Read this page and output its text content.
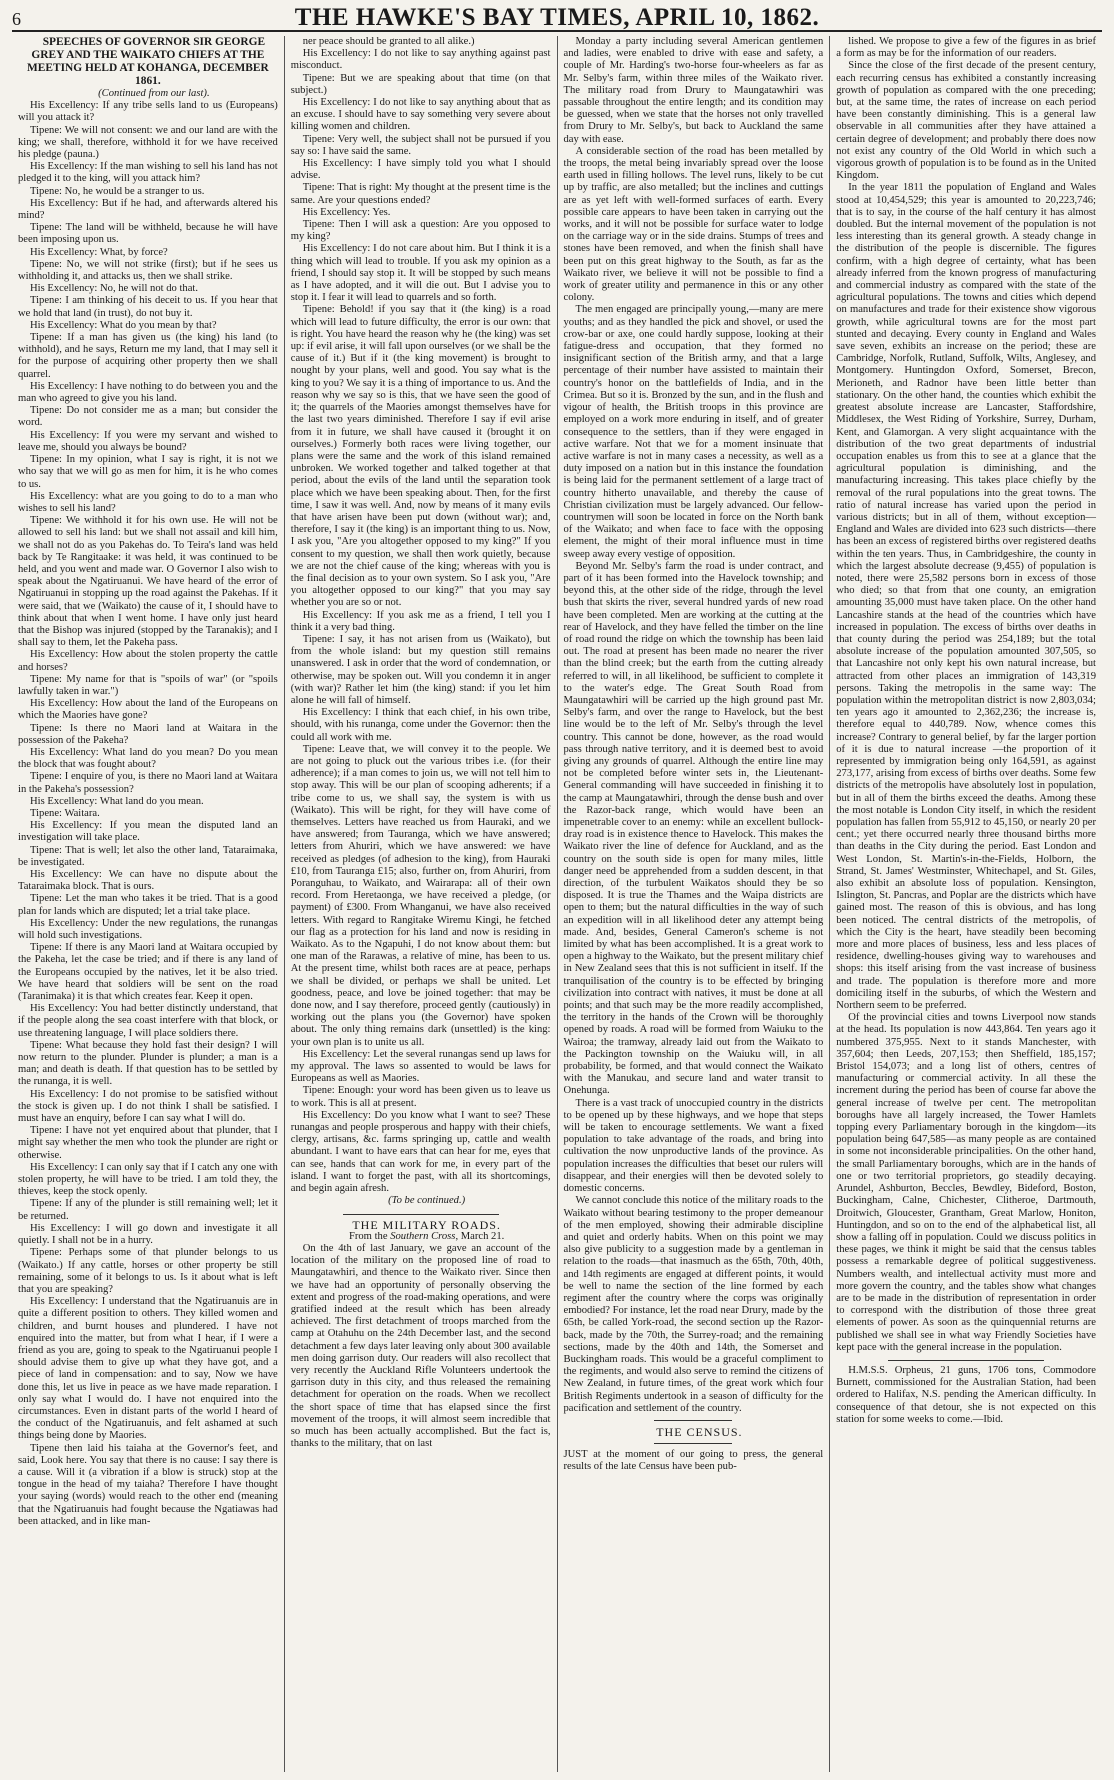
6	THE HAWKE'S BAY TIMES, APRIL 10, 1862.

SPEECHES OF GOVERNOR SIR GEORGE GREY AND THE WAIKATO CHIEFS AT THE MEETING HELD AT KOHANGA, DECEMBER 1861.

(Continued from our last).

His Excellency: If any tribe sells land to us (Europeans) will you attack it?

Tipene: We will not consent: we and our land are with the king; we shall, therefore, withhold it for we have received his pledge (pauna.)

His Excellency: If the man wishing to sell his land has not pledged it to the king, will you attack him?

Tipene: No, he would be a stranger to us.

His Excellency: But if he had, and afterwards altered his mind?

Tipene: The land will be withheld, because he will have been imposing upon us.

His Excellency: What, by force?

Tipene: No, we will not strike (first); but if he sees us withholding it, and attacks us, then we shall strike.

His Excellency: No, he will not do that.

Tipene: I am thinking of his deceit to us. If you hear that we hold that land (in trust), do not buy it.

His Excellency: What do you mean by that?

Tipene: If a man has given us (the king) his land (to withhold), and he says, Return me my land, that I may sell it for the purpose of acquiring other property then we shall quarrel.

His Excellency: I have nothing to do between you and the man who agreed to give you his land.

Tipene: Do not consider me as a man; but consider the word.

His Excellency: If you were my servant and wished to leave me, should you always be bound?

Tipene: In my opinion, what I say is right, it is not we who say that we will go as men for him, it is he who comes to us.

His Excellency: what are you going to do to a man who wishes to sell his land?

Tipene: We withhold it for his own use. He will not be allowed to sell his land: but we shall not assail and kill him, we shall not do as you Pakehas do. To Teira's land was held back by Te Rangitaake: it was held, it was continued to be held, and you went and made war. O Governor I also wish to speak about the Ngatiruanui. We have heard of the error of Ngatiruanui in stopping up the road against the Pakehas. If it were said, that we (Waikato) the cause of it, I should have to think about that when I went home. I have only just heard that the Bishop was injured (stopped by the Taranakis); and I shall say to them, let the Pakeha pass.

His Excellency: How about the stolen property the cattle and horses?

Tipene: My name for that is "spoils of war" (or "spoils lawfully taken in war.")

His Excellency: How about the land of the Europeans on which the Maories have gone?

Tipene: Is there no Maori land at Waitara in the possession of the Pakeha?

His Excellency: What land do you mean? Do you mean the block that was fought about?

Tipene: I enquire of you, is there no Maori land at Waitara in the Pakeha's possession?

His Excellency: What land do you mean.

Tipene: Waitara.

His Excellency: If you mean the disputed land an investigation will take place.

Tipene: That is well; let also the other land, Tataraimaka, be investigated.

His Excellency: We can have no dispute about the Tataraimaka block. That is ours.

Tipene: Let the man who takes it be tried. That is a good plan for lands which are disputed; let a trial take place.

His Excellency: Under the new regulations, the runangas will hold such investigations.

Tipene: If there is any Maori land at Waitara occupied by the Pakeha, let the case be tried; and if there is any land of the Europeans occupied by the natives, let it be also tried. We have heard that soldiers will be sent on the road (Taranimaka) it is that which creates fear. Keep it open.

His Excellency: You had better distinctly understand, that if the people along the sea coast interfere with that block, or use threatening language, I will place soldiers there.

Tipene: What because they hold fast their design? I will now return to the plunder. Plunder is plunder; a man is a man; and death is death. If that question has to be settled by the runanga, it is well.

His Excellency: I do not promise to be satisfied without the stock is given up. I do not think I shall be satisfied. I must have an enquiry, before I can say what I will do.

Tipene: I have not yet enquired about that plunder, that I might say whether the men who took the plunder are right or otherwise.

His Excellency: I can only say that if I catch any one with stolen property, he will have to be tried. I am told they, the thieves, keep the stock openly.

Tipene: If any of the plunder is still remaining well; let it be returned.

His Excellency: I will go down and investigate it all quietly. I shall not be in a hurry.

Tipene: Perhaps some of that plunder belongs to us (Waikato.) If any cattle, horses or other property be still remaining, some of it belongs to us. Is it about what is left that you are speaking?

His Excellency: I understand that the Ngatiruanuis are in quite a different position to others. They killed women and children, and burnt houses and plundered. I have not enquired into the matter, but from what I hear, if I were a friend as you are, going to speak to the Ngatiruanui people I should advise them to give up what they have got, and a piece of land in compensation: and to say, Now we have done this, let us live in peace as we have made reparation. I only say what I would do. I have not enquired into the circumstances. Even in distant parts of the world I heard of the conduct of the Ngatiruanuis, and felt ashamed at such things being done by Maories.

Tipene then laid his taiaha at the Governor's feet, and said, Look here. You say that there is no cause: I say there is a cause. Will it (a vibration if a blow is struck) stop at the tongue in the head of my taiaha? Therefore I have thought your saying (words) would reach to the other end (meaning that the Ngatiruanuis had fought because the Ngatiawas had been attacked, and in like man-

ner peace should be granted to all alike.)

His Excellency: I do not like to say anything against past misconduct.

Tipene: But we are speaking about that time (on that subject.)

His Excellency: I do not like to say anything about that as an excuse. I should have to say something very severe about killing women and children.

Tipene: Very well, the subject shall not be pursued if you say so: I have said the same.

His Excellency: I have simply told you what I should advise.

Tipene: That is right: My thought at the present time is the same. Are your questions ended?

His Excellency: Yes.

Tipene: Then I will ask a question: Are you opposed to my king?

His Excellency: I do not care about him. But I think it is a thing which will lead to trouble. If you ask my opinion as a friend, I should say stop it. It will be stopped by such means as I have adopted, and it will die out. But I advise you to stop it. I fear it will lead to quarrels and so forth.

Tipene: Behold! if you say that it (the king) is a road which will lead to future difficulty, the error is our own: that is right. You have heard the reason why he (the king) was set up: if evil arise, it will fall upon ourselves (or we shall be the cause of it.) But if it (the king movement) is brought to nought by your plans, well and good. You say what is the king to you? We say it is a thing of importance to us. And the reason why we say so is this, that we have seen the good of it; the quarrels of the Maories amongst themselves have for the last two years diminished. Therefore I say if evil arise from it in future, we shall have caused it (brought it on ourselves.) Formerly both races were living together, our plans were the same and the work of this island remained unbroken. We worked together and talked together at that period, about the evils of the land until the separation took place which we have been speaking about. Then, for the first time, I saw it was well. And, now by means of it many evils that have arisen have been put down (without war); and, therefore, I say it (the king) is an important thing to us. Now, I ask you, "Are you altogether opposed to my king?" If you consent to my question, we shall then work quietly, because we are not the chief cause of the king; whereas with you is the final decision as to your own system. So I ask you, "Are you altogether opposed to our king?" that you may say whether you are so or not.

His Excellency: If you ask me as a friend, I tell you I think it a very bad thing.

Tipene: I say, it has not arisen from us (Waikato), but from the whole island: but my question still remains unanswered. I ask in order that the word of condemnation, or otherwise, may be spoken out. Will you condemn it in anger (with war)? Rather let him (the king) stand: if you let him alone he will fall of himself.

His Excellency: I think that each chief, in his own tribe, should, with his runanga, come under the Governor: then the could all work with me.

Tipene: Leave that, we will convey it to the people. We are not going to pluck out the various tribes i.e. (for their adherence); if a man comes to join us, we will not tell him to stop away. This will be our plan of scooping adherents; if a tribe come to us, we shall say, the system is with us (Waikato). This will be right, for they will have come of themselves. Letters have reached us from Hauraki, and we have answered; from Tauranga, which we have answered; letters from Ahuriri, which we have answered: we have received as pledges (of adhesion to the king), from Hauraki £10, from Tauranga £15; also, further on, from Ahuriri, from Poranguhau, to Waikato, and Wairarapa: all of their own record. From Heretaonga, we have received a pledge, (or payment) of £300. From Whanganui, we have also received letters. With regard to Rangitake Wiremu Kingi, he fetched our flag as a protection for his land and now is residing in Waikato. As to the Ngapuhi, I do not know about them: but one man of the Rarawas, a relative of mine, has been to us. At the present time, whilst both races are at peace, perhaps we shall be divided, or perhaps we shall be united. Let goodness, peace, and love be joined together: that may be done now, and I say therefore, proceed gently (cautiously) in working out the plans you (the Governor) have spoken about. The only thing remains dark (unsettled) is the king: your own plan is to unite us all.

His Excellency: Let the several runangas send up laws for my approval. The laws so assented to would be laws for Europeans as well as Maories.

Tipene: Enough: your word has been given us to leave us to work. This is all at present.

His Excellency: Do you know what I want to see? These runangas and people prosperous and happy with their chiefs, clergy, artisans, &c. farms springing up, cattle and wealth abundant. I want to have ears that can hear for me, eyes that can see, hands that can work for me, in every part of the island. I want to forget the past, with all its shortcomings, and begin again afresh.

(To be continued.)

THE MILITARY ROADS.

From the Southern Cross, March 21.

On the 4th of last January, we gave an account of the location of the military on the proposed line of road to Maungatawhiri, and thence to the Waikato river. Since then we have had an opportunity of personally observing the extent and progress of the road-making operations, and were gratified indeed at the result which has been already achieved. The first detachment of troops marched from the camp at Otahuhu on the 24th December last, and the second detachment a few days later leaving only about 300 available men doing garrison duty. Our readers will also recollect that very recently the Auckland Rifle Volunteers undertook the garrison duty in this city, and thus released the remaining detachment for operation on the roads. When we recollect the short space of time that has elapsed since the first movement of the troops, it will almost seem incredible that so much has been actually accomplished. But the fact is, thanks to the military, that on last

Monday a party including several American gentlemen and ladies, were enabled to drive with ease and safety, a couple of Mr. Harding's two-horse four-wheelers as far as Mr. Selby's farm, within three miles of the Waikato river. The military road from Drury to Maungatawhiri was passable throughout the entire length; and its condition may be guessed, when we state that the horses not only travelled from Drury to Mr. Selby's, but back to Auckland the same day with ease.

A considerable section of the road has been metalled by the troops, the metal being invariably spread over the loose earth used in filling hollows. The level runs, likely to be cut up by traffic, are also metalled; but the inclines and cuttings are as yet left with well-formed surfaces of earth. Every possible care appears to have been taken in carrying out the works, and it will not be possible for surface water to lodge on the carriage way or in the side drains. Stumps of trees and stones have been removed, and when the finish shall have been put on this great highway to the South, as far as the Waikato river, we believe it will not be possible to find a work of greater utility and permanence in this or any other colony.

The men engaged are principally young,—many are mere youths; and as they handled the pick and shovel, or used the crow-bar or axe, one could hardly suppose, looking at their fatigue-dress and occupation, that they formed no insignificant section of the British army, and that a large percentage of their number have assisted to maintain their country's honor on the battlefields of India, and in the Crimea. But so it is. Bronzed by the sun, and in the flush and vigour of health, the British troops in this province are employed on a work more enduring in itself, and of greater consequence to the settlers, than if they were engaged in active warfare. Not that we for a moment insinuate that active warfare is not in many cases a necessity, as well as a duty imposed on a nation but in this instance the foundation is being laid for the permanent settlement of a large tract of country hitherto unavailable, and thereby the cause of Christian civilization must be largely advanced. Our fellow-countrymen will soon be located in force on the North bank of the Waikato; and when face to face with the opposing element, the might of their moral influence must in time sweep away every vestige of opposition.

Beyond Mr. Selby's farm the road is under contract, and part of it has been formed into the Havelock township; and beyond this, at the other side of the ridge, through the level bush that skirts the river, several hundred yards of new road have been completed. Men are working at the cutting at the rear of Havelock, and they have felled the timber on the line of road round the ridge on which the township has been laid out. The road at present has been made no nearer the river than the blind creek; but the earth from the cutting already referred to will, in all likelihood, be sufficient to complete it to the water's edge. The Great South Road from Maungatawhiri will be carried up the high ground past Mr. Selby's farm, and over the range to Havelock, but the best line would be to the left of Mr. Selby's through the level country. This cannot be done, however, as the road would pass through native territory, and it is deemed best to avoid giving any grounds of quarrel. Although the entire line may not be completed before winter sets in, the Lieutenant-General commanding will have succeeded in finishing it to the camp at Maungatawhiri, through the dense bush and over the Razor-back range, which would have been an impenetrable cover to an enemy: while an excellent bullock-dray road is in existence thence to Havelock. This makes the Waikato river the line of defence for Auckland, and as the country on the south side is open for many miles, little danger need be apprehended from a sudden descent, in that direction, of the turbulent Waikatos should they be so disposed. It is true the Thames and the Waipa districts are open to them; but the natural difficulties in the way of such an expedition will in all likelihood deter any attempt being made. And, besides, General Cameron's scheme is not limited by what has been accomplished. It is a great work to open a highway to the Waikato, but the present military chief in New Zealand sees that this is not sufficient in itself. If the tranquilisation of the country is to be effected by bringing civilization into contract with natives, it must be done at all points; and that such may be the more readily accomplished, the territory in the hands of the Crown will be thoroughly opened by roads. A road will be formed from Waiuku to the Wairoa; the tramway, already laid out from the Waikato to the Packington township on the Waiuku will, in all probability, be formed, and that would connect the Waikato with the Manukau, and secure land and water transit to Onehunga.

There is a vast track of unoccupied country in the districts to be opened up by these highways, and we hope that steps will be taken to encourage settlements. We want a fixed population to take advantage of the roads, and bring into cultivation the now unproductive lands of the province. As population increases the difficulties that beset our rulers will disappear, and their energies will then be devoted solely to domestic concerns.

We cannot conclude this notice of the military roads to the Waikato without bearing testimony to the proper demeanour of the men employed, showing their admirable discipline and quiet and orderly habits. When on this point we may also give publicity to a suggestion made by a gentleman in relation to the roads—that inasmuch as the 65th, 70th, 40th, and 14th regiments are engaged at different points, it would be well to name the section of the line formed by each regiment after the country where the corps was originally embodied? For instance, let the road near Drury, made by the 65th, be called York-road, the second section up the Razor-back, made by the 70th, the Surrey-road; and the remaining sections, made by the 40th and 14th, the Somerset and Buckingham roads. This would be a graceful compliment to the regiments, and would also serve to remind the citizens of New Zealand, in future times, of the great work which four British Regiments undertook in a season of difficulty for the pacification and settlement of the country.

THE CENSUS.

JUST at the moment of our going to press, the general results of the late Census have been pub-

lished. We propose to give a few of the figures in as brief a form as may be for the information of our readers.

Since the close of the first decade of the present century, each recurring census has exhibited a constantly increasing growth of population as compared with the one preceding; but, at the same time, the rates of increase on each period have been constantly diminishing. This is a general law observable in all communities after they have attained a certain degree of development; and probably there does now not exist any country of the Old World in which such a vigorous growth of population is to be found as in the United Kingdom.

In the year 1811 the population of England and Wales stood at 10,454,529; this year is amounted to 20,223,746; that is to say, in the course of the half century it has almost doubled. But the internal movement of the population is not less interesting than its general growth. A steady change in the distribution of the people is discernible. The figures confirm, with a high degree of certainty, what has been already inferred from the known progress of manufacturing and commercial industry as compared with the state of the agricultural populations. The towns and cities which depend on manufactures and trade for their existence show vigorous growth, while agricultural towns are for the most part stunted and decaying. Every county in England and Wales save seven, exhibits an increase on the period; these are Cambridge, Norfolk, Rutland, Suffolk, Wilts, Anglesey, and Montgomery. Huntingdon Oxford, Somerset, Brecon, Merioneth, and Radnor have been little better than stationary. On the other hand, the counties which exhibit the greatest absolute increase are Lancaster, Staffordshire, Middlesex, the West Riding of Yorkshire, Surrey, Durham, Kent, and Glamorgan. A very slight acquaintance with the distribution of the two great departments of industrial occupation enables us from this to see at a glance that the agricultural population is diminishing, and the manufacturing increasing. This takes place chiefly by the removal of the rural populations into the great towns. The ratio of natural increase has varied upon the period in various districts; but in all of them, without exception—England and Wales are divided into 623 such districts—there has been an excess of registered births over registered deaths within the ten years. Thus, in Cambridgeshire, the county in which the largest absolute decrease (9,455) of population is noted, there were 25,582 persons born in excess of those who died; so that from that one county, an emigration amounting 35,000 must have taken place. On the other hand Lancashire stands at the head of the countries which have increased in population. The excess of births over deaths in that county during the period was 254,189; but the total absolute increase of the population amounted 307,505, so that Lancashire not only kept his own natural increase, but attracted from other places an immigration of 143,319 persons. Taking the metropolis in the same way: The population within the metropolitan district is now 2,803,034; ten years ago it amounted to 2,362,236; the increase is, therefore equal to 440,789. Now, whence comes this increase? Contrary to general belief, by far the larger portion of it is due to natural increase —the proportion of it represented by immigration being only 164,591, as against 273,177, arising from excess of births over deaths. Some few districts of the metropolis have absolutely lost in population, but in all of them the births exceed the deaths. Among these the most notable is London City itself, in which the resident population has fallen from 55,912 to 45,150, or nearly 20 per cent.; yet there occurred nearly three thousand births more than deaths in the City during the period. East London and West London, St. Martin's-in-the-Fields, Holborn, the Strand, St. James' Westminster, Whitechapel, and St. Giles, also exhibit an absolute loss of population. Kensington, Islington, St. Pancras, and Poplar are the districts which have gained most. The reason of this is obvious, and has long been noticed. The central districts of the metropolis, of which the City is the heart, have steadily been becoming more and more places of business, less and less places of residence, dwelling-houses giving way to warehouses and shops: this itself arising from the vast increase of business and trade. The population is therefore more and more domiciling itself in the suburbs, of which the Western and Northern seem to be preferred.

Of the provincial cities and towns Liverpool now stands at the head. Its population is now 443,864. Ten years ago it numbered 375,955. Next to it stands Manchester, with 357,604; then Leeds, 207,153; then Sheffield, 185,157; Bristol 154,073; and a long list of others, centres of manufacturing or commercial activity. In all these the increment during the period has been of course far above the general increase of twelve per cent. The metropolitan boroughs have all largely increased, the Tower Hamlets topping every Parliamentary borough in the kingdom—its population being 647,585—as many people as are contained in some not inconsiderable principalities. On the other hand, the small Parliamentary boroughs, which are in the hands of one or two territorial proprietors, go steadily decaying. Arundel, Ashburton, Beccles, Bewdley, Bideford, Boston, Buckingham, Calne, Chichester, Clitheroe, Dartmouth, Droitwich, Gloucester, Grantham, Great Marlow, Honiton, Huntingdon, and so on to the end of the alphabetical list, all show a falling off in population. Could we discuss politics in these pages, we think it might be said that the census tables possess a remarkable degree of political suggestiveness. Numbers wealth, and intellectual activity must more and more govern the country, and the tables show what changes are to be made in the distribution of representation in order to correspond with the distribution of those three great elements of power. As soon as the quinquennial returns are published we shall see in what way Friendly Societies have kept pace with the general increase in the population.

H.M.S.S. Orpheus, 21 guns, 1706 tons, Commodore Burnett, commissioned for the Australian Station, had been ordered to Halifax, N.S. pending the American difficulty. In consequence of that detour, she is not expected on this station for some weeks to come.—Ibid.
